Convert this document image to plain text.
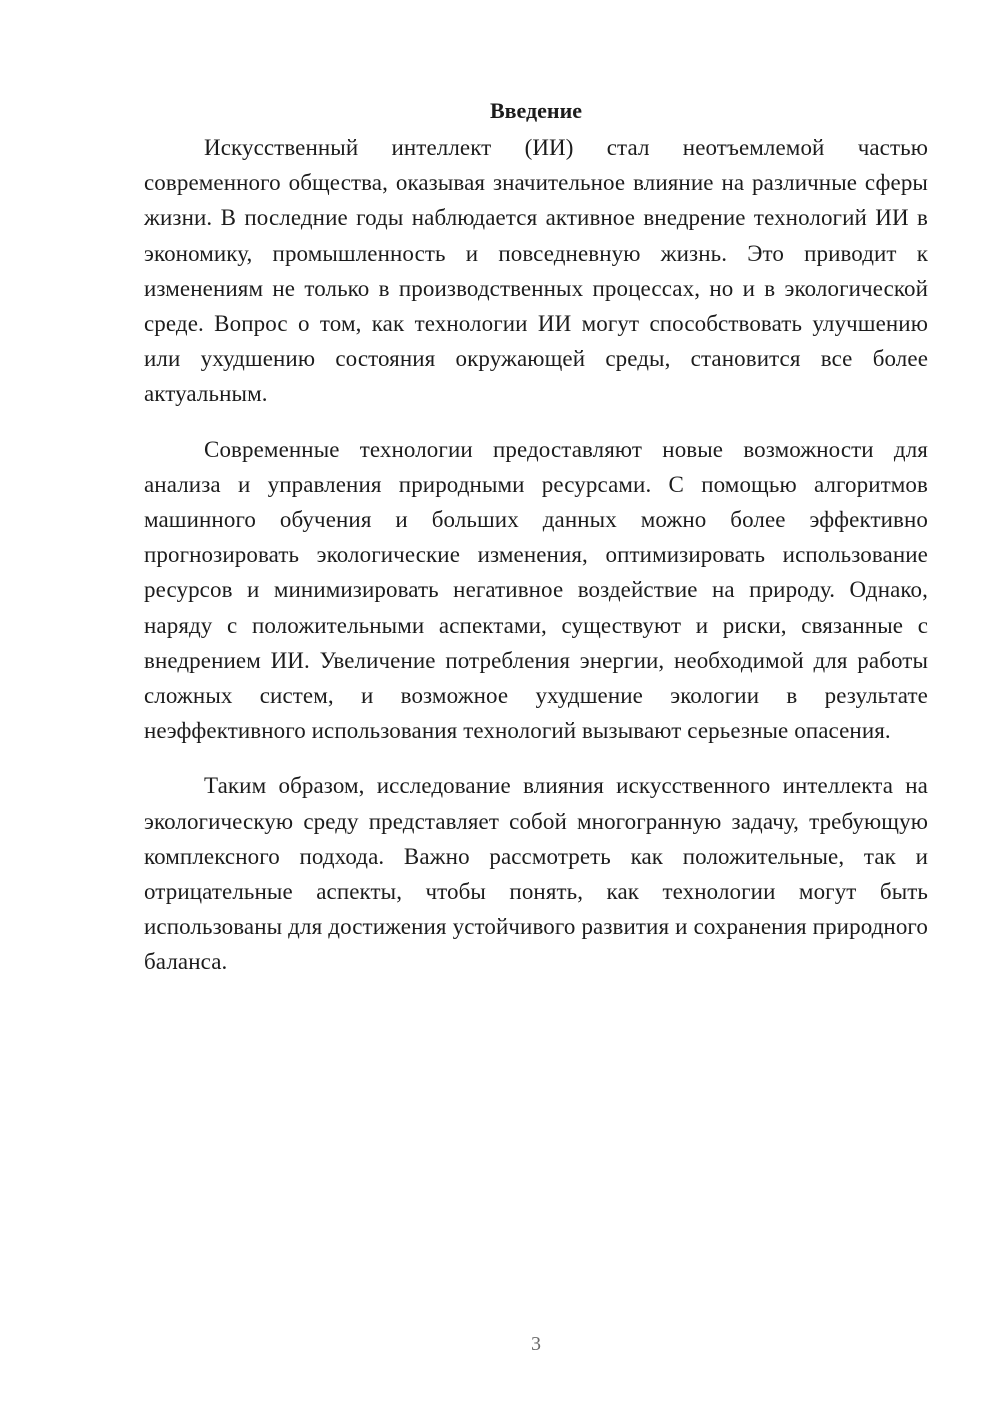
Введение

Искусственный интеллект (ИИ) стал неотъемлемой частью современного общества, оказывая значительное влияние на различные сферы жизни. В последние годы наблюдается активное внедрение технологий ИИ в экономику, промышленность и повседневную жизнь. Это приводит к изменениям не только в производственных процессах, но и в экологической среде. Вопрос о том, как технологии ИИ могут способствовать улучшению или ухудшению состояния окружающей среды, становится все более актуальным.

Современные технологии предоставляют новые возможности для анализа и управления природными ресурсами. С помощью алгоритмов машинного обучения и больших данных можно более эффективно прогнозировать экологические изменения, оптимизировать использование ресурсов и минимизировать негативное воздействие на природу. Однако, наряду с положительными аспектами, существуют и риски, связанные с внедрением ИИ. Увеличение потребления энергии, необходимой для работы сложных систем, и возможное ухудшение экологии в результате неэффективного использования технологий вызывают серьезные опасения.

Таким образом, исследование влияния искусственного интеллекта на экологическую среду представляет собой многогранную задачу, требующую комплексного подхода. Важно рассмотреть как положительные, так и отрицательные аспекты, чтобы понять, как технологии могут быть использованы для достижения устойчивого развития и сохранения природного баланса.

3
